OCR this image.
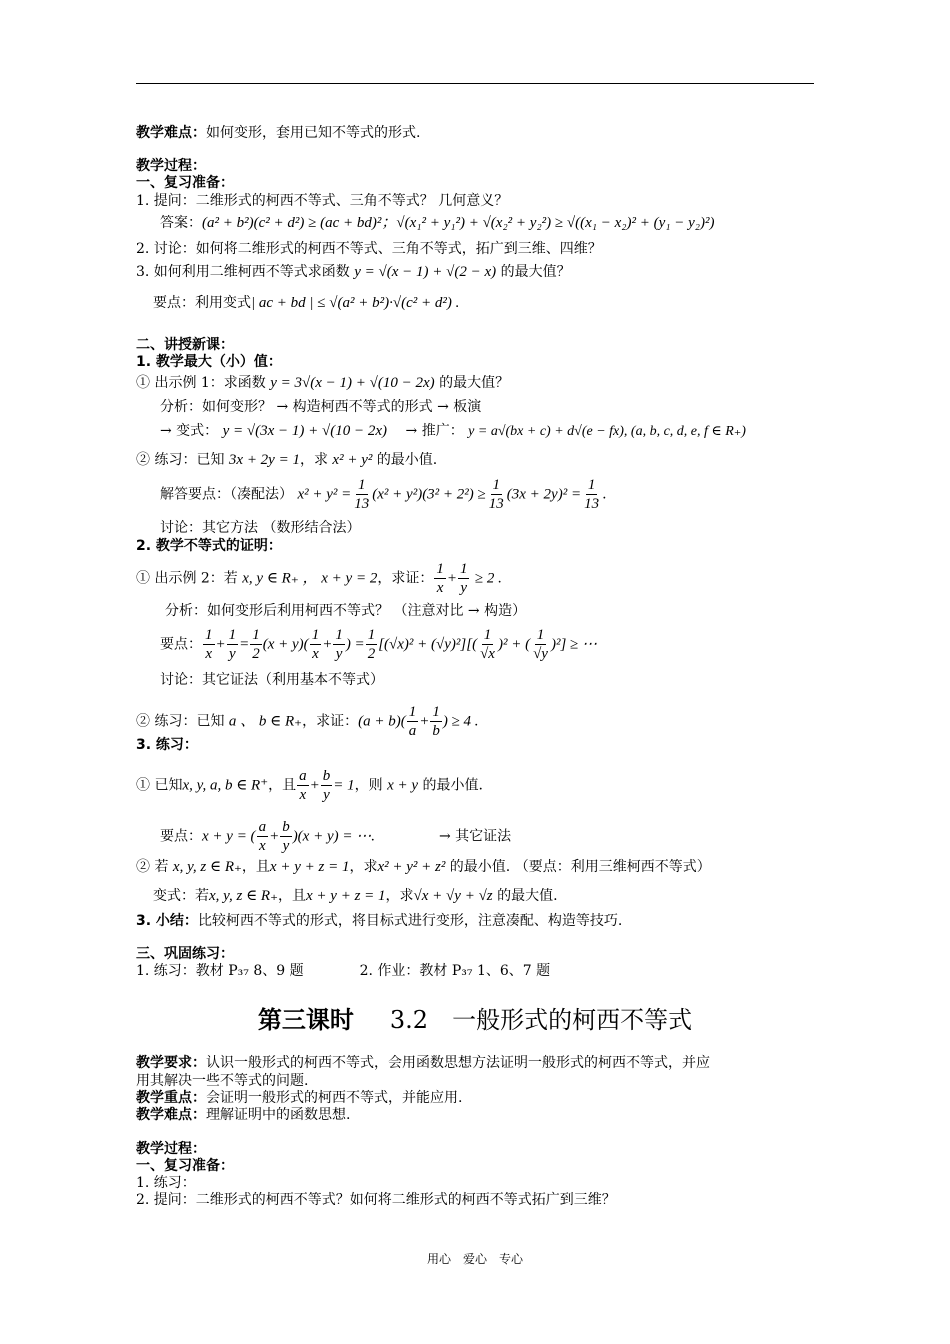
教学难点：如何变形，套用已知不等式的形式.
教学过程：
一、复习准备：
1. 提问：二维形式的柯西不等式、三角不等式？ 几何意义？
答案：(a² + b²)(c² + d²) ≥ (ac + bd)²；√(x₁² + y₁²) + √(x₂² + y₂²) ≥ √((x₁ − x₂)² + (y₁ − y₂)²)
2. 讨论：如何将二维形式的柯西不等式、三角不等式，拓广到三维、四维？
3. 如何利用二维柯西不等式求函数 y = √(x − 1) + √(2 − x) 的最大值？
要点：利用变式| ac + bd | ≤ √(a² + b²)·√(c² + d²) .
二、讲授新课：
1. 教学最大（小）值：
① 出示例 1：求函数 y = 3√(x − 1) + √(10 − 2x) 的最大值？
分析：如何变形？ → 构造柯西不等式的形式 → 板演
→ 变式： y = √(3x − 1) + √(10 − 2x)　 → 推广： y = a√(bx + c) + d√(e − fx), (a, b, c, d, e, f ∈ R₊)
② 练习：已知 3x + 2y = 1，求 x² + y² 的最小值.
解答要点：（凑配法） $x^2 + y^2 = \frac{1}{13} (x^2 + y^2)(3^2 + 2^2) \ge \frac{1}{13} (3x + 2y)^2 = \frac{1}{13}$ .
讨论：其它方法 （数形结合法）
2. 教学不等式的证明：
① 出示例 2：若 x, y ∈ R₊ ， x + y = 2，求证： $\frac{1}{x} + \frac{1}{y} \ge 2$ .
分析：如何变形后利用柯西不等式？ （注意对比 → 构造）
要点： $\frac{1}{x} + \frac{1}{y} = \frac{1}{2} (x + y)( \frac{1}{x} + \frac{1}{y}$ ) = $\frac{1}{2} [(√x)^2 + (√y)^2][( \frac{1}{√x} )^2$ + ( $\frac{1}{√y} )^2$] ≥ ⋯
讨论：其它证法（利用基本不等式）
② 练习：已知 a 、 b ∈ R₊，求证：$(a + b)( \frac{1}{a} + \frac{1}{b}$ ) ≥ 4 .
3. 练习：
① 已知x, y, a, b ∈ R⁺，且 $\frac{a}{x} + \frac{b}{y} = 1$，则 x + y 的最小值.
要点：x + y = ( $\frac{a}{x} + \frac{b}{y} )(x + y)$ = ⋯.	→ 其它证法
② 若 x, y, z ∈ R₊，且x + y + z = 1，求x² + y² + z² 的最小值. （要点：利用三维柯西不等式）
变式：若x, y, z ∈ R₊，且x + y + z = 1，求√x + √y + √z 的最大值.
3. 小结：比较柯西不等式的形式，将目标式进行变形，注意凑配、构造等技巧.
三、巩固练习：
1. 练习：教材 P₃₇ 8、9 题　　　　2. 作业：教材 P₃₇ 1、6、7 题
第三课时 3.2　一般形式的柯西不等式
教学要求：认识一般形式的柯西不等式，会用函数思想方法证明一般形式的柯西不等式，并应
用其解决一些不等式的问题.
教学重点：会证明一般形式的柯西不等式，并能应用.
教学难点：理解证明中的函数思想.
教学过程：
一、复习准备：
1. 练习：
2. 提问：二维形式的柯西不等式？如何将二维形式的柯西不等式拓广到三维？
用心　爱心　专心
